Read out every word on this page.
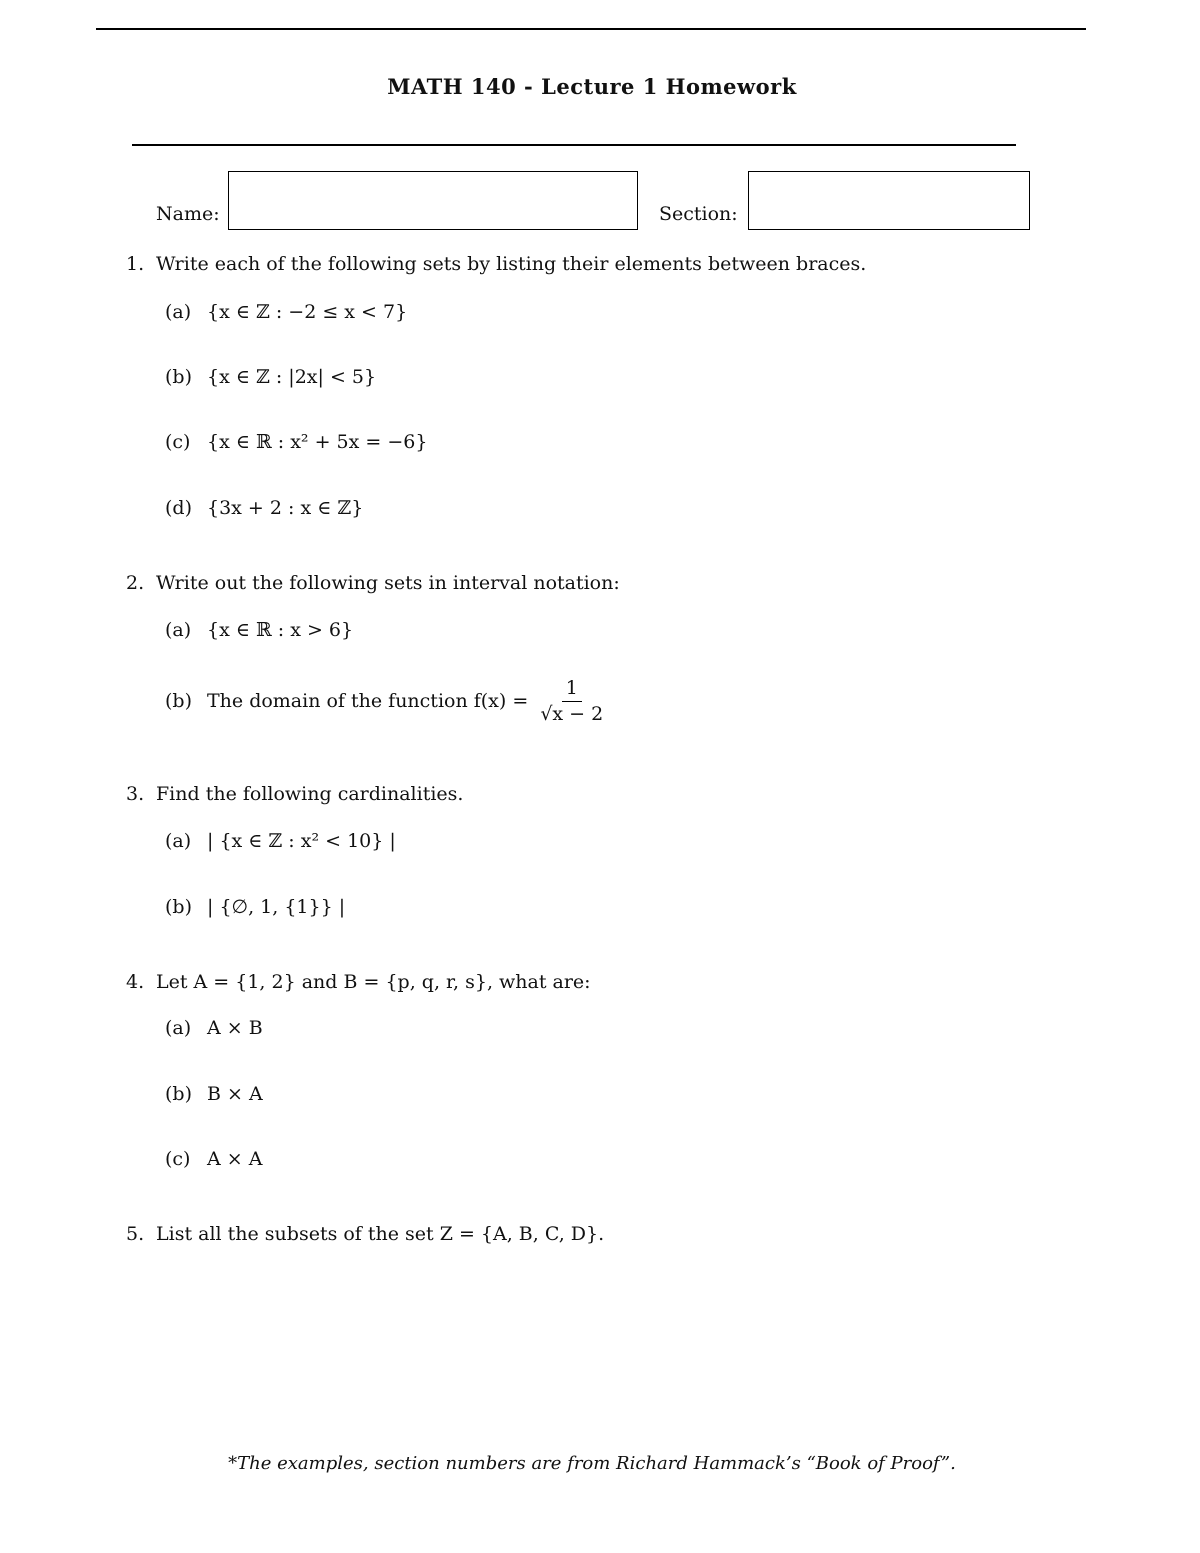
MATH 140 - Lecture 1 Homework
Name:	Section:
1. Write each of the following sets by listing their elements between braces.
(a) {x ∈ ℤ : −2 ≤ x < 7}
(b) {x ∈ ℤ : |2x| < 5}
(c) {x ∈ ℝ : x² + 5x = −6}
(d) {3x + 2 : x ∈ ℤ}
2. Write out the following sets in interval notation:
(a) {x ∈ ℝ : x > 6}
(b) The domain of the function $f(x) = \frac{1}{√x - 2}$
3. Find the following cardinalities.
(a) | {x ∈ ℤ : x² < 10} |
(b) | {∅, 1, {1}} |
4. Let A = {1, 2} and B = {p, q, r, s}, what are:
(a) A × B
(b) B × A
(c) A × A
5. List all the subsets of the set Z = {A, B, C, D}.
*The examples, section numbers are from Richard Hammack’s “Book of Proof”.
